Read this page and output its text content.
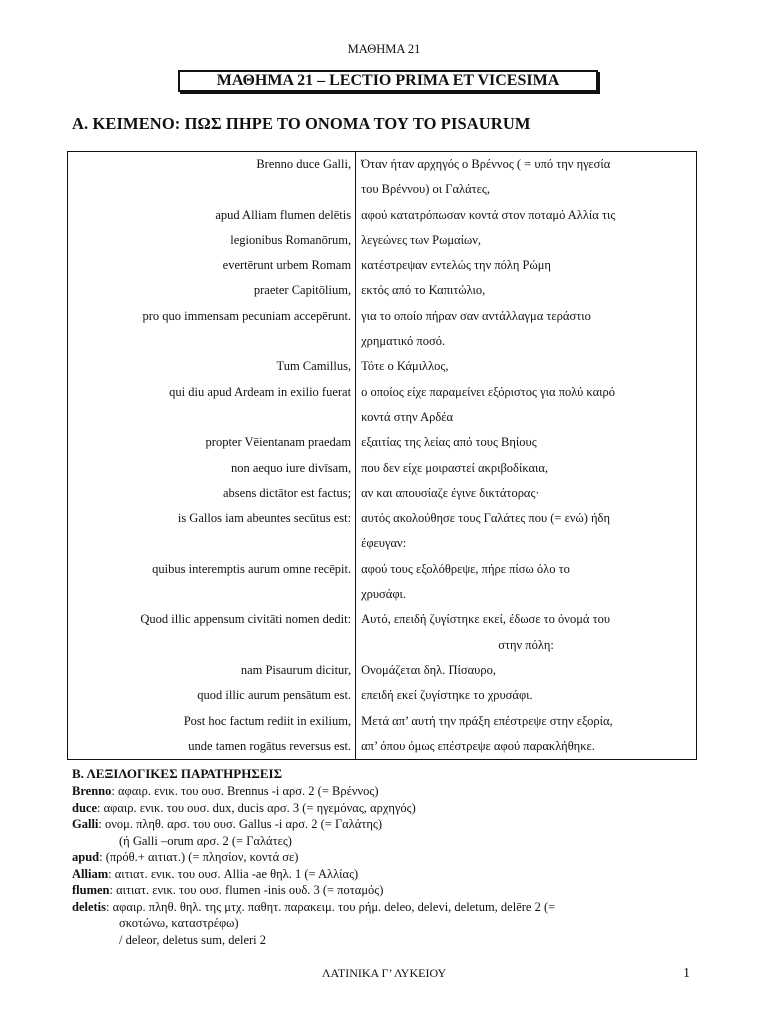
ΜΑΘΗΜΑ 21
ΜΑΘΗΜΑ 21 – LECTIO PRIMA ET VICESIMA
Α. ΚΕΙΜΕΝΟ: ΠΩΣ ΠΗΡΕ ΤΟ ΟΝΟΜΑ ΤΟΥ ΤΟ PISAURUM
Brenno duce Galli, Όταν ήταν αρχηγός ο Βρέννος ( = υπό την ηγεσία
του Βρέννου) οι Γαλάτες,
apud Alliam flumen delētis αφού κατατρόπωσαν κοντά στον ποταμό Αλλία τις
legionibus Romanōrum, λεγεώνες των Ρωμαίων,
evertērunt urbem Romam κατέστρεψαν εντελώς την πόλη Ρώμη
praeter Capitōlium, εκτός από το Καπιτώλιο,
pro quo immensam pecuniam accepērunt. για το οποίο πήραν σαν αντάλλαγμα τεράστιο
χρηματικό ποσό.
Tum Camillus, Τότε ο Κάμιλλος,
qui diu apud Ardeam in exilio fuerat ο οποίος είχε παραμείνει εξόριστος για πολύ καιρό
κοντά στην Αρδέα
propter Vēientanam praedam εξαιτίας της λείας από τους Βηίους
non aequo iure divīsam, που δεν είχε μοιραστεί ακριβοδίκαια,
absens dictātor est factus; αν και απουσίαζε έγινε δικτάτορας·
is Gallos iam abeuntes secūtus est: αυτός ακολούθησε τους Γαλάτες που (= ενώ) ήδη
έφευγαν:
quibus interemptis aurum omne recēpit. αφού τους εξολόθρεψε, πήρε πίσω όλο το
χρυσάφι.
Quod illic appensum civitāti nomen dedit: Αυτό, επειδή ζυγίστηκε εκεί, έδωσε το όνομά του
στην πόλη:
nam Pisaurum dicitur, Ονομάζεται δηλ. Πίσαυρο,
quod illic aurum pensātum est. επειδή εκεί ζυγίστηκε το χρυσάφι.
Post hoc factum rediit in exilium, Μετά απ’ αυτή την πράξη επέστρεψε στην εξορία,
unde tamen rogātus reversus est. απ’ όπου όμως επέστρεψε αφού παρακλήθηκε.
Β. ΛΕΞΙΛΟΓΙΚΕΣ ΠΑΡΑΤΗΡΗΣΕΙΣ
Brenno: αφαιρ. ενικ. του ουσ. Brennus -i αρσ. 2 (= Βρέννος)
duce: αφαιρ. ενικ. του ουσ. dux, ducis αρσ. 3 (= ηγεμόνας, αρχηγός)
Galli: ονομ. πληθ. αρσ. του ουσ. Gallus -i αρσ. 2 (= Γαλάτης)
(ή Galli –orum αρσ. 2 (= Γαλάτες)
apud: (πρόθ.+ αιτιατ.) (= πλησίον, κοντά σε)
Alliam: αιτιατ. ενικ. του ουσ. Allia -ae θηλ. 1 (= Αλλίας)
flumen: αιτιατ. ενικ. του ουσ. flumen -inis ουδ. 3 (= ποταμός)
deletis: αφαιρ. πληθ. θηλ. της μτχ. παθητ. παρακειμ. του ρήμ. deleo, delevi, deletum, delēre 2 (=
σκοτώνω, καταστρέφω)
/ deleor, deletus sum, deleri 2
ΛΑΤΙΝΙΚΑ Γ’ ΛΥΚΕΙΟΥ	1
